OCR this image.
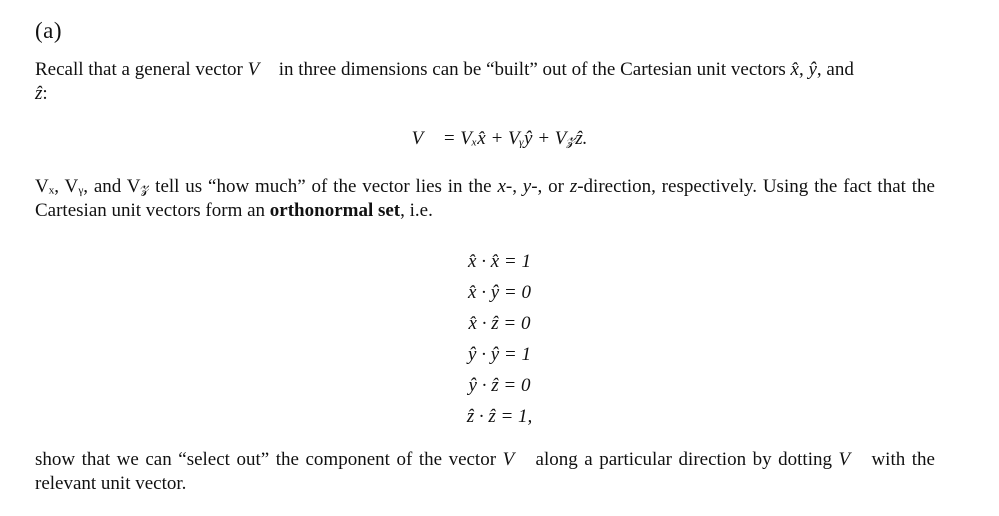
(a)
Recall that a general vector V⃗ in three dimensions can be “built” out of the Cartesian unit vectors x̂, ŷ, and
ẑ:
V⃗ = Vₓx̂ + Vᵧŷ + V𝓏ẑ.
Vₓ, Vᵧ, and V𝓏 tell us “how much” of the vector lies in the x-, y-, or z-direction, respectively. Using the fact that the Cartesian unit vectors form an orthonormal set, i.e.
x̂ · x̂ = 1
x̂ · ŷ = 0
x̂ · ẑ = 0
ŷ · ŷ = 1
ŷ · ẑ = 0
ẑ · ẑ = 1,
show that we can “select out” the component of the vector V⃗ along a particular direction by dotting V⃗ with the relevant unit vector.
